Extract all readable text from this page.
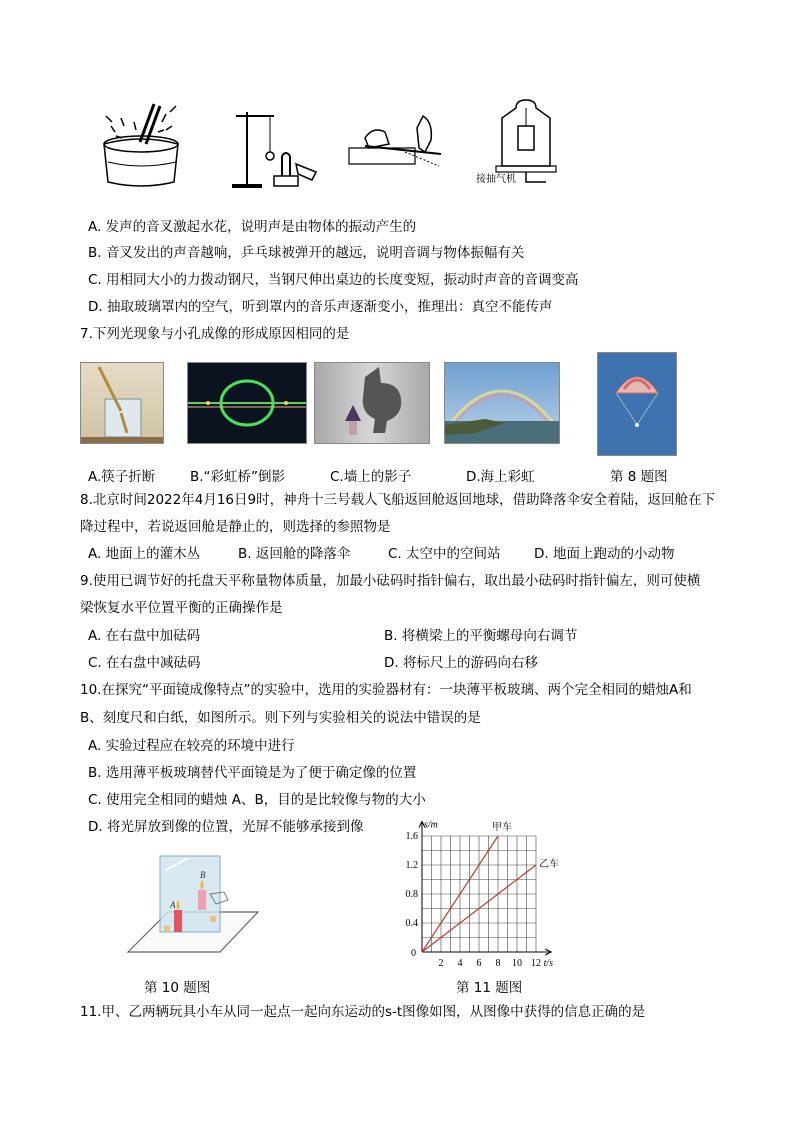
接抽气机
A. 发声的音叉激起水花，说明声是由物体的振动产生的
B. 音叉发出的声音越响，乒乓球被弹开的越远，说明音调与物体振幅有关
C. 用相同大小的力拨动钢尺，当钢尺伸出桌边的长度变短，振动时声音的音调变高
D. 抽取玻璃罩内的空气，听到罩内的音乐声逐渐变小，推理出：真空不能传声
7.下列光现象与小孔成像的形成原因相同的是
A.筷子折断	B.“彩虹桥”倒影	C.墙上的影子	D.海上彩虹	第 8 题图
8.北京时间2022年4月16日9时，神舟十三号载人飞船返回舱返回地球，借助降落伞安全着陆，返回舱在下
降过程中，若说返回舱是静止的，则选择的参照物是
A. 地面上的灌木丛	B. 返回舱的降落伞	C. 太空中的空间站 D. 地面上跑动的小动物
9.使用已调节好的托盘天平称量物体质量，加最小砝码时指针偏右，取出最小砝码时指针偏左，则可使横
梁恢复水平位置平衡的正确操作是
A. 在右盘中加砝码	B. 将横梁上的平衡螺母向右调节
C. 在右盘中减砝码	D. 将标尺上的游码向右移
10.在探究“平面镜成像特点”的实验中，选用的实验器材有：一块薄平板玻璃、两个完全相同的蜡烛A和
B、刻度尺和白纸，如图所示。则下列与实验相关的说法中错误的是
A. 实验过程应在较亮的环境中进行
B. 选用薄平板玻璃替代平面镜是为了便于确定像的位置
C. 使用完全相同的蜡烛 A、B，目的是比较像与物的大小
D. 将光屏放到像的位置，光屏不能够承接到像
A
B
2 4 6 8 10 12
0.4
0.8
1.2
1.6
0
s/m
t/s
甲车
乙车
第 10 题图	第 11 题图
11.甲、乙两辆玩具小车从同一起点一起向东运动的s-t图像如图，从图像中获得的信息正确的是
